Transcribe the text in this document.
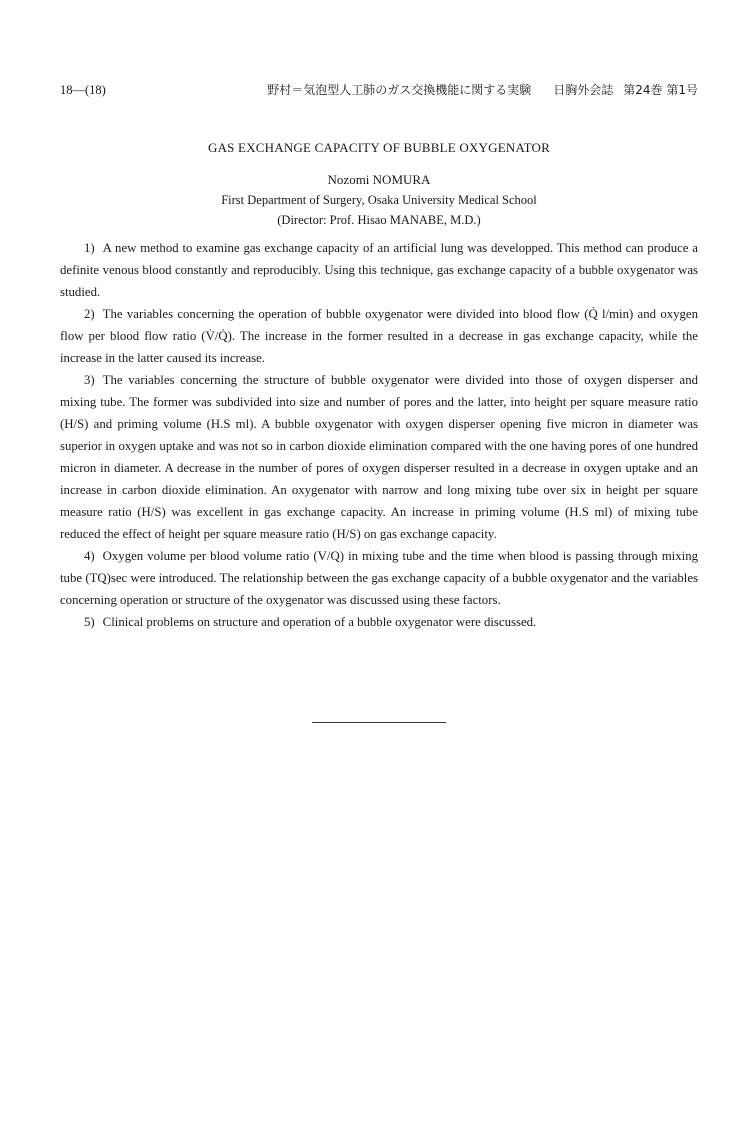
18—(18)	野村＝気泡型人工肺のガス交換機能に関する実験 日胸外会誌 第24巻 第1号
GAS EXCHANGE CAPACITY OF BUBBLE OXYGENATOR
Nozomi NOMURA
First Department of Surgery, Osaka University Medical School
(Director: Prof. Hisao MANABE, M.D.)

1) A new method to examine gas exchange capacity of an artificial lung was developped. This method can produce a definite venous blood constantly and reproducibly. Using this technique, gas exchange capacity of a bubble oxygenator was studied.

2) The variables concerning the operation of bubble oxygenator were divided into blood flow (Q̇ l/min) and oxygen flow per blood flow ratio (V̇/Q̇). The increase in the former resulted in a decrease in gas exchange capacity, while the increase in the latter caused its increase.

3) The variables concerning the structure of bubble oxygenator were divided into those of oxygen disperser and mixing tube. The former was subdivided into size and number of pores and the latter, into height per square measure ratio (H/S) and priming volume (H.S ml). A bubble oxygenator with oxygen disperser opening five micron in diameter was superior in oxygen uptake and was not so in carbon dioxide elimination compared with the one having pores of one hundred micron in diameter. A decrease in the number of pores of oxygen disperser resulted in a decrease in oxygen uptake and an increase in carbon dioxide elimination. An oxygenator with narrow and long mixing tube over six in height per square measure ratio (H/S) was excellent in gas exchange capacity. An increase in priming volume (H.S ml) of mixing tube reduced the effect of height per square measure ratio (H/S) on gas exchange capacity.

4) Oxygen volume per blood volume ratio (V/Q) in mixing tube and the time when blood is passing through mixing tube (TQ)sec were introduced. The relationship between the gas exchange capacity of a bubble oxygenator and the variables concerning operation or structure of the oxygenator was discussed using these factors.

5) Clinical problems on structure and operation of a bubble oxygenator were discussed.
